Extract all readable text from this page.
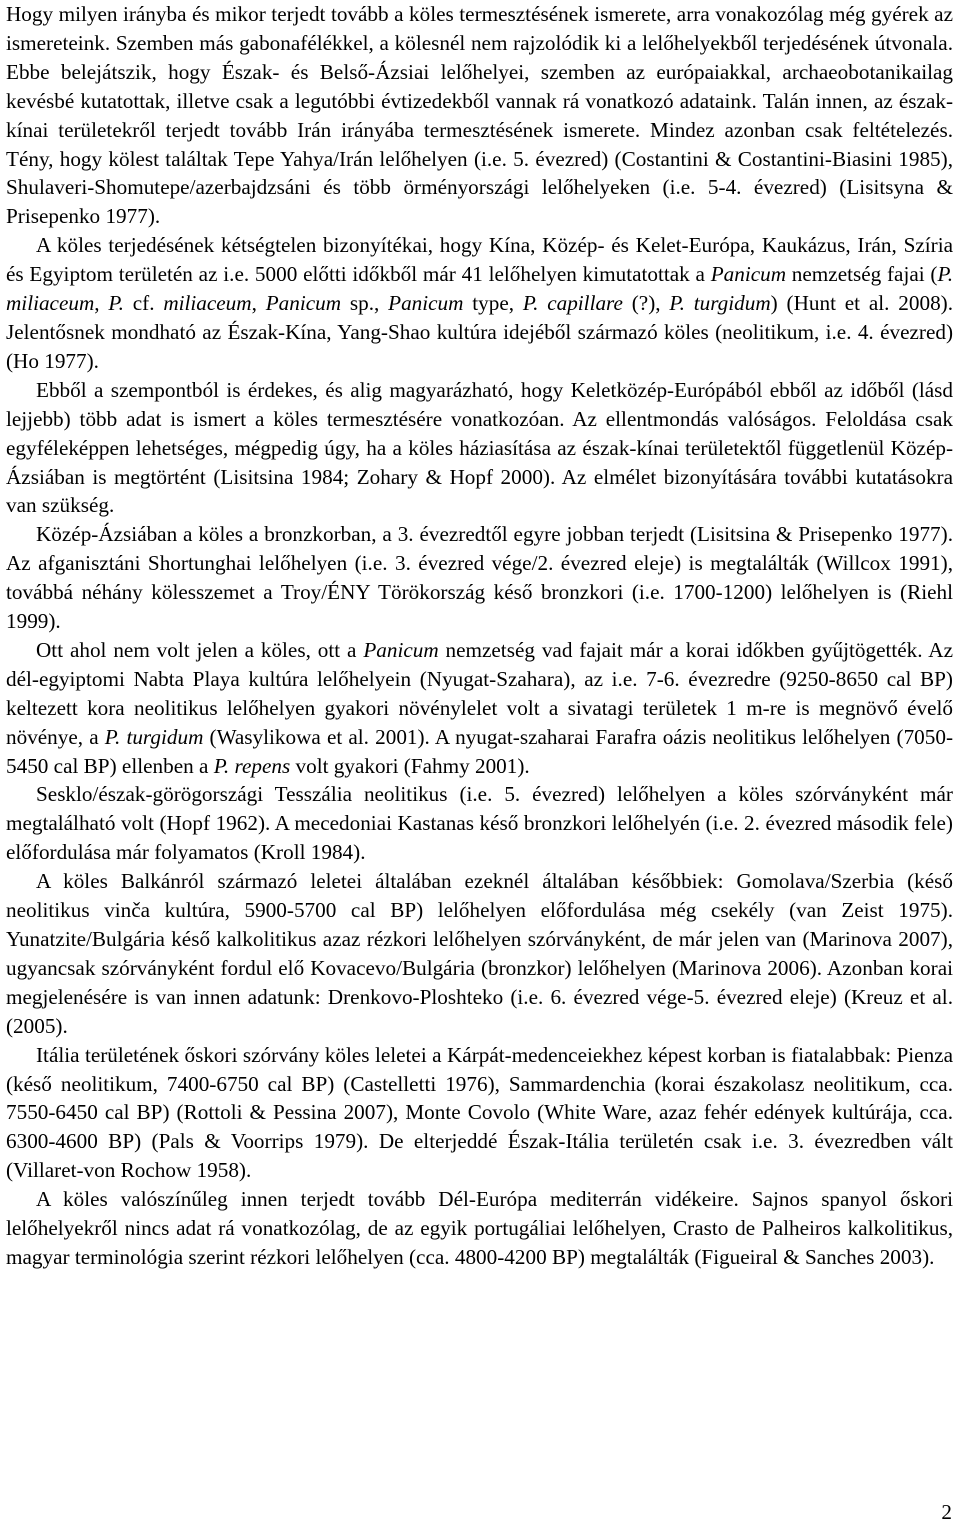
Hogy milyen irányba és mikor terjedt tovább a köles termesztésének ismerete, arra vonakozólag még gyérek az ismereteink. Szemben más gabonafélékkel, a kölesnél nem rajzolódik ki a lelőhelyekből terjedésének útvonala. Ebbe belejátszik, hogy Észak- és Belső-Ázsiai lelőhelyei, szemben az európaiakkal, archaeobotanikailag kevésbé kutatottak, illetve csak a legutóbbi évtizedekből vannak rá vonatkozó adataink. Talán innen, az észak-kínai területekről terjedt tovább Irán irányába termesztésének ismerete. Mindez azonban csak feltételezés. Tény, hogy kölest találtak Tepe Yahya/Irán lelőhelyen (i.e. 5. évezred) (Costantini & Costantini-Biasini 1985), Shulaveri-Shomutepe/azerbajdzsáni és több örményországi lelőhelyeken (i.e. 5-4. évezred) (Lisitsyna & Prisepenko 1977).

A köles terjedésének kétségtelen bizonyítékai, hogy Kína, Közép- és Kelet-Európa, Kaukázus, Irán, Szíria és Egyiptom területén az i.e. 5000 előtti időkből már 41 lelőhelyen kimutatottak a Panicum nemzetség fajai (P. miliaceum, P. cf. miliaceum, Panicum sp., Panicum type, P. capillare (?), P. turgidum) (Hunt et al. 2008). Jelentősnek mondható az Észak-Kína, Yang-Shao kultúra idejéből származó köles (neolitikum, i.e. 4. évezred) (Ho 1977).

Ebből a szempontból is érdekes, és alig magyarázható, hogy Keletközép-Európából ebből az időből (lásd lejjebb) több adat is ismert a köles termesztésére vonatkozóan. Az ellentmondás valóságos. Feloldása csak egyféleképpen lehetséges, mégpedig úgy, ha a köles háziasítása az észak-kínai területektől függetlenül Közép-Ázsiában is megtörtént (Lisitsina 1984; Zohary & Hopf 2000). Az elmélet bizonyítására további kutatásokra van szükség.

Közép-Ázsiában a köles a bronzkorban, a 3. évezredtől egyre jobban terjedt (Lisitsina & Prisepenko 1977). Az afganisztáni Shortunghai lelőhelyen (i.e. 3. évezred vége/2. évezred eleje) is megtalálták (Willcox 1991), továbbá néhány kölesszemet a Troy/ÉNY Törökország késő bronzkori (i.e. 1700-1200) lelőhelyen is (Riehl 1999).

Ott ahol nem volt jelen a köles, ott a Panicum nemzetség vad fajait már a korai időkben gyűjtögették. Az dél-egyiptomi Nabta Playa kultúra lelőhelyein (Nyugat-Szahara), az i.e. 7-6. évezredre (9250-8650 cal BP) keltezett kora neolitikus lelőhelyen gyakori növénylelet volt a sivatagi területek 1 m-re is megnövő évelő növénye, a P. turgidum (Wasylikowa et al. 2001). A nyugat-szaharai Farafra oázis neolitikus lelőhelyen (7050-5450 cal BP) ellenben a P. repens volt gyakori (Fahmy 2001).

Sesklo/észak-görögországi Tesszália neolitikus (i.e. 5. évezred) lelőhelyen a köles szórványként már megtalálható volt (Hopf 1962). A mecedoniai Kastanas késő bronzkori lelőhelyén (i.e. 2. évezred második fele) előfordulása már folyamatos (Kroll 1984).

A köles Balkánról származó leletei általában ezeknél általában későbbiek: Gomolava/Szerbia (késő neolitikus vinča kultúra, 5900-5700 cal BP) lelőhelyen előfordulása még csekély (van Zeist 1975). Yunatzite/Bulgária késő kalkolitikus azaz rézkori lelőhelyen szórványként, de már jelen van (Marinova 2007), ugyancsak szórványként fordul elő Kovacevo/Bulgária (bronzkor) lelőhelyen (Marinova 2006). Azonban korai megjelenésére is van innen adatunk: Drenkovo-Ploshteko (i.e. 6. évezred vége-5. évezred eleje) (Kreuz et al. (2005).

Itália területének őskori szórvány köles leletei a Kárpát-medenceiekhez képest korban is fiatalabbak: Pienza (késő neolitikum, 7400-6750 cal BP) (Castelletti 1976), Sammardenchia (korai északolasz neolitikum, cca. 7550-6450 cal BP) (Rottoli & Pessina 2007), Monte Covolo (White Ware, azaz fehér edények kultúrája, cca. 6300-4600 BP) (Pals & Voorrips 1979). De elterjeddé Észak-Itália területén csak i.e. 3. évezredben vált (Villaret-von Rochow 1958).

A köles valószínűleg innen terjedt tovább Dél-Európa mediterrán vidékeire. Sajnos spanyol őskori lelőhelyekről nincs adat rá vonatkozólag, de az egyik portugáliai lelőhelyen, Crasto de Palheiros kalkolitikus, magyar terminológia szerint rézkori lelőhelyen (cca. 4800-4200 BP) megtalálták (Figueiral & Sanches 2003).

2
